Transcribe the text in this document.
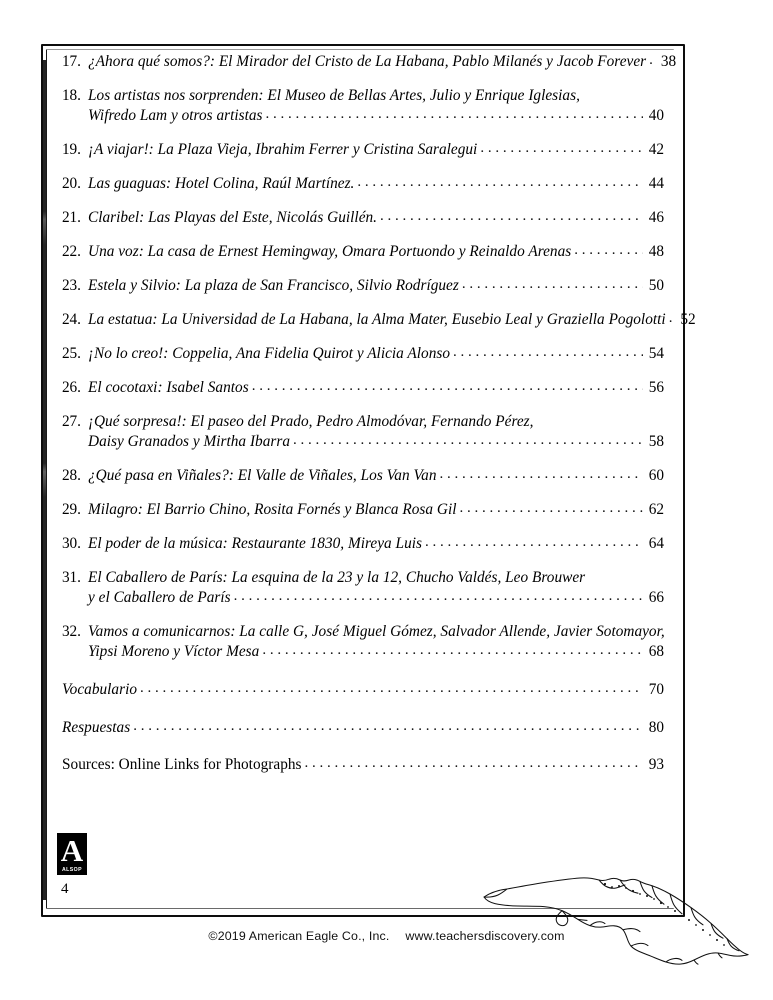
17. ¿Ahora qué somos?: El Mirador del Cristo de La Habana, Pablo Milanés y Jacob Forever . . . 38
18. Los artistas nos sorprenden: El Museo de Bellas Artes, Julio y Enrique Iglesias,
Wifredo Lam y otros artistas . . .	40
19. ¡A viajar!: La Plaza Vieja, Ibrahim Ferrer y Cristina Saralegui . . .	42
20. Las guaguas: Hotel Colina, Raúl Martínez. . . .	44
21. Claribel: Las Playas del Este, Nicolás Guillén. . . .	46
22. Una voz: La casa de Ernest Hemingway, Omara Portuondo y Reinaldo Arenas . . .	48
23. Estela y Silvio: La plaza de San Francisco, Silvio Rodríguez . . .	50
24. La estatua: La Universidad de La Habana, la Alma Mater, Eusebio Leal y Graziella Pogolotti . . . 52
25. ¡No lo creo!: Coppelia, Ana Fidelia Quirot y Alicia Alonso . . .	54
26. El cocotaxi: Isabel Santos . . .	56
27. ¡Qué sorpresa!: El paseo del Prado, Pedro Almodóvar, Fernando Pérez,
Daisy Granados y Mirtha Ibarra . . .	58
28. ¿Qué pasa en Viñales?: El Valle de Viñales, Los Van Van . . .	60
29. Milagro: El Barrio Chino, Rosita Fornés y Blanca Rosa Gil . . .	62
30. El poder de la música: Restaurante 1830, Mireya Luis . . .	64
31. El Caballero de París: La esquina de la 23 y la 12, Chucho Valdés, Leo Brouwer
y el Caballero de París . . .	66
32. Vamos a comunicarnos: La calle G, José Miguel Gómez, Salvador Allende, Javier Sotomayor,
Yipsi Moreno y Víctor Mesa . . .	68
Vocabulario . . .	70
Respuestas . . .	80
Sources: Online Links for Photographs . . .	93
A
ALSOP
4
©2019 American Eagle Co., Inc. www.teachersdiscovery.com
